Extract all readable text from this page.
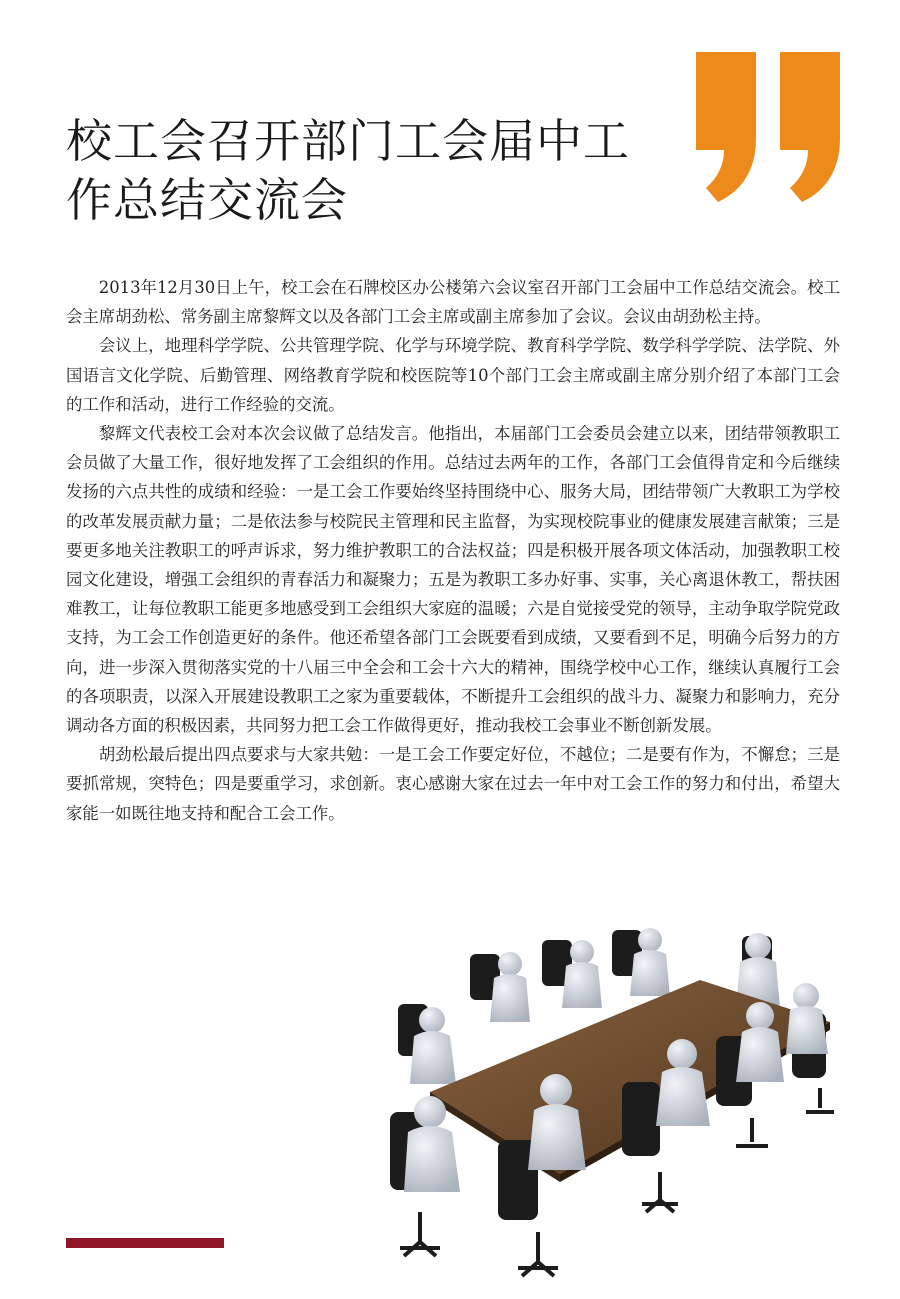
校工会召开部门工会届中工作总结交流会

2013年12月30日上午，校工会在石牌校区办公楼第六会议室召开部门工会届中工作总结交流会。校工会主席胡劲松、常务副主席黎辉文以及各部门工会主席或副主席参加了会议。会议由胡劲松主持。

会议上，地理科学学院、公共管理学院、化学与环境学院、教育科学学院、数学科学学院、法学院、外国语言文化学院、后勤管理、网络教育学院和校医院等10个部门工会主席或副主席分别介绍了本部门工会的工作和活动，进行工作经验的交流。

黎辉文代表校工会对本次会议做了总结发言。他指出，本届部门工会委员会建立以来，团结带领教职工会员做了大量工作，很好地发挥了工会组织的作用。总结过去两年的工作，各部门工会值得肯定和今后继续发扬的六点共性的成绩和经验：一是工会工作要始终坚持围绕中心、服务大局，团结带领广大教职工为学校的改革发展贡献力量；二是依法参与校院民主管理和民主监督，为实现校院事业的健康发展建言献策；三是要更多地关注教职工的呼声诉求，努力维护教职工的合法权益；四是积极开展各项文体活动，加强教职工校园文化建设，增强工会组织的青春活力和凝聚力；五是为教职工多办好事、实事，关心离退休教工，帮扶困难教工，让每位教职工能更多地感受到工会组织大家庭的温暖；六是自觉接受党的领导，主动争取学院党政支持，为工会工作创造更好的条件。他还希望各部门工会既要看到成绩，又要看到不足，明确今后努力的方向，进一步深入贯彻落实党的十八届三中全会和工会十六大的精神，围绕学校中心工作，继续认真履行工会的各项职责，以深入开展建设教职工之家为重要载体，不断提升工会组织的战斗力、凝聚力和影响力，充分调动各方面的积极因素，共同努力把工会工作做得更好，推动我校工会事业不断创新发展。

胡劲松最后提出四点要求与大家共勉：一是工会工作要定好位，不越位；二是要有作为，不懈怠；三是要抓常规，突特色；四是要重学习，求创新。衷心感谢大家在过去一年中对工会工作的努力和付出，希望大家能一如既往地支持和配合工会工作。
